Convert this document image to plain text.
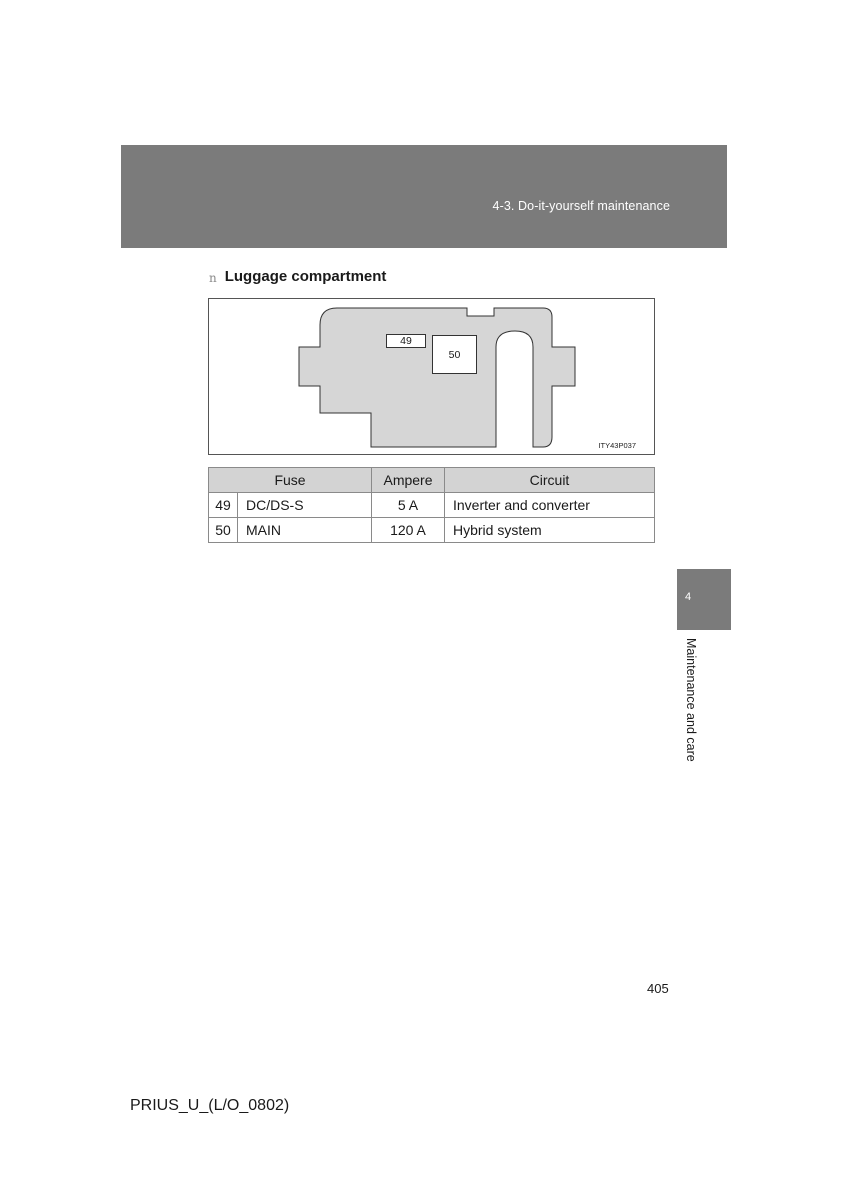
4-3. Do-it-yourself maintenance
n Luggage compartment
49
50
ITY43P037
Fuse		Ampere	Circuit
49	DC/DS-S	5 A	Inverter and converter
50	MAIN	120 A	Hybrid system
4
Maintenance and care
405
PRIUS_U_(L/O_0802)
